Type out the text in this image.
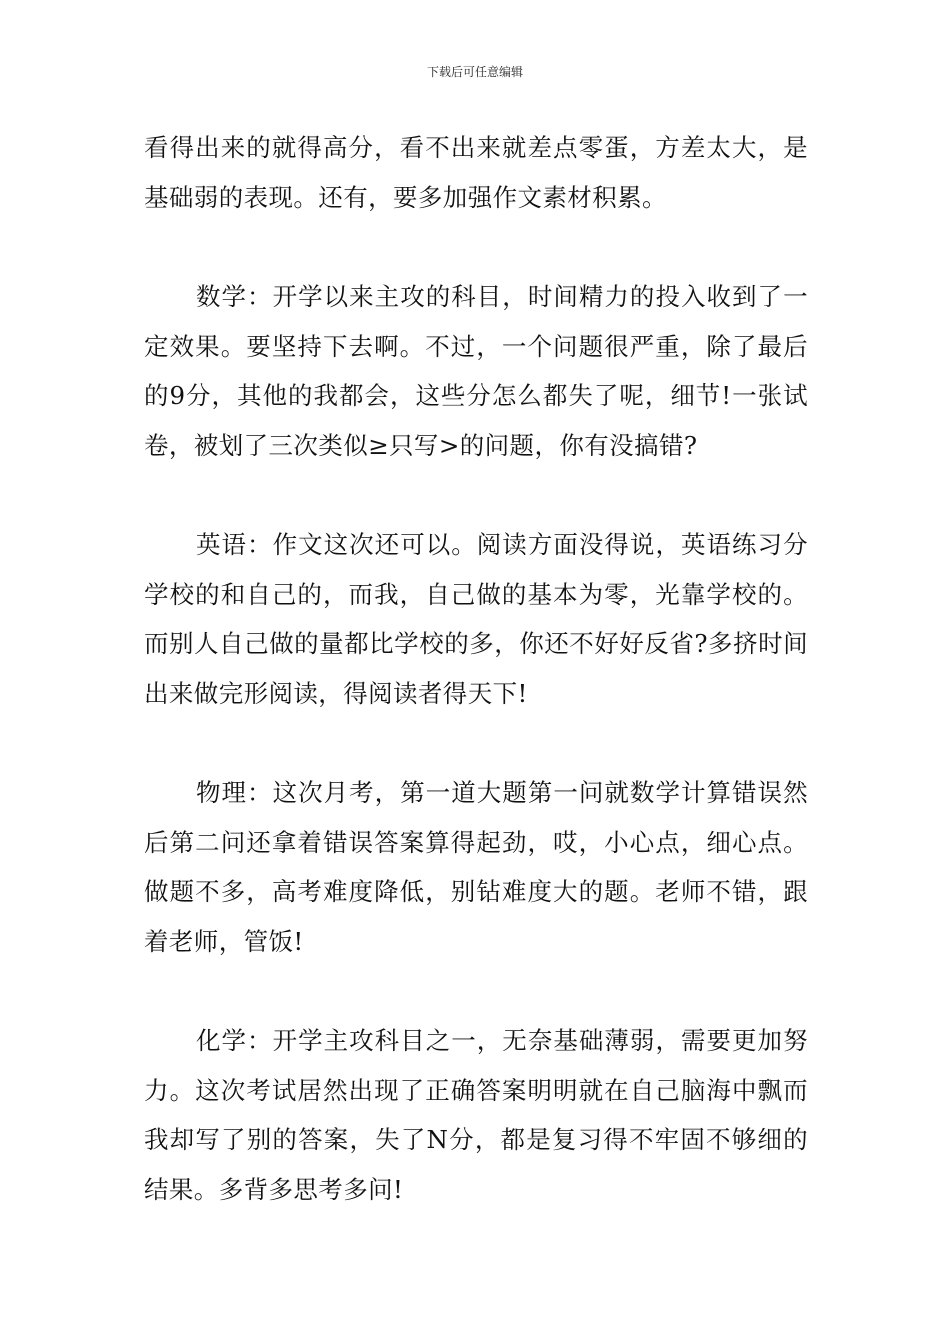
下载后可任意编辑

看得出来的就得高分，看不出来就差点零蛋，方差太大，是基础弱的表现。还有，要多加强作文素材积累。

数学：开学以来主攻的科目，时间精力的投入收到了一定效果。要坚持下去啊。不过，一个问题很严重，除了最后的9分，其他的我都会，这些分怎么都失了呢，细节!一张试卷，被划了三次类似≥只写>的问题，你有没搞错?

英语：作文这次还可以。阅读方面没得说，英语练习分学校的和自己的，而我，自己做的基本为零，光靠学校的。而别人自己做的量都比学校的多，你还不好好反省?多挤时间出来做完形阅读，得阅读者得天下!

物理：这次月考，第一道大题第一问就数学计算错误然后第二问还拿着错误答案算得起劲，哎，小心点，细心点。做题不多，高考难度降低，别钻难度大的题。老师不错，跟着老师，管饭!

化学：开学主攻科目之一，无奈基础薄弱，需要更加努力。这次考试居然出现了正确答案明明就在自己脑海中飘而我却写了别的答案，失了N分，都是复习得不牢固不够细的结果。多背多思考多问!
